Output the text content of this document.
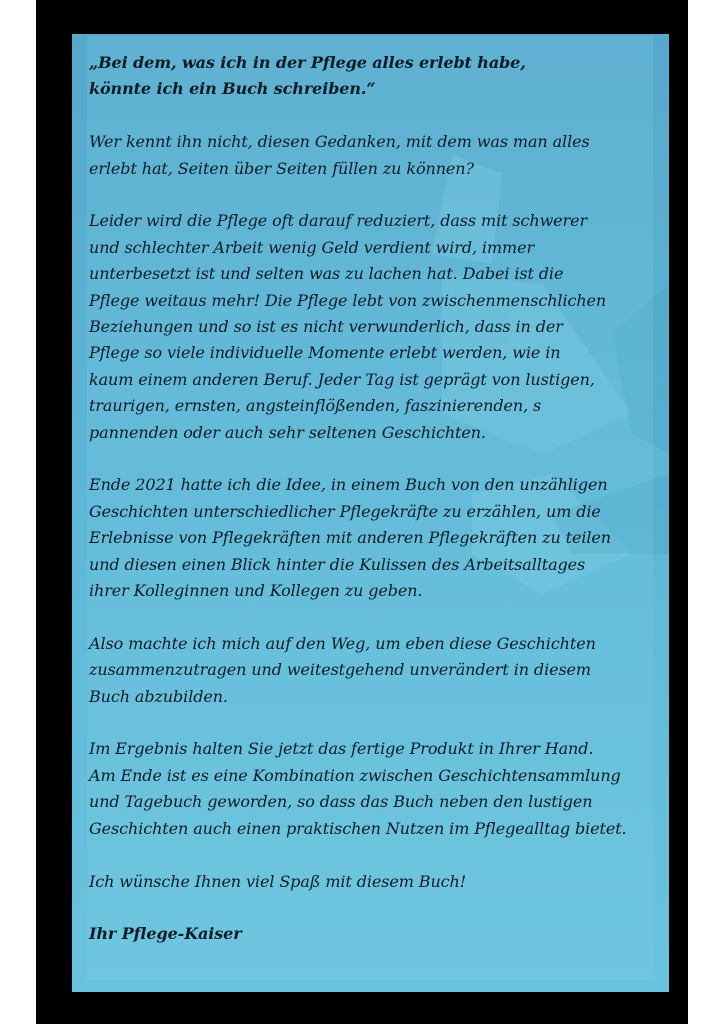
„Bei dem, was ich in der Pflege alles erlebt habe,
könnte ich ein Buch schreiben.“

Wer kennt ihn nicht, diesen Gedanken, mit dem was man alles
erlebt hat, Seiten über Seiten füllen zu können?

Leider wird die Pflege oft darauf reduziert, dass mit schwerer
und schlechter Arbeit wenig Geld verdient wird, immer
unterbesetzt ist und selten was zu lachen hat. Dabei ist die
Pflege weitaus mehr! Die Pflege lebt von zwischenmenschlichen
Beziehungen und so ist es nicht verwunderlich, dass in der
Pflege so viele individuelle Momente erlebt werden, wie in
kaum einem anderen Beruf. Jeder Tag ist geprägt von lustigen,
traurigen, ernsten, angsteinflößenden, faszinierenden, s
pannenden oder auch sehr seltenen Geschichten.

Ende 2021 hatte ich die Idee, in einem Buch von den unzähligen
Geschichten unterschiedlicher Pflegekräfte zu erzählen, um die
Erlebnisse von Pflegekräften mit anderen Pflegekräften zu teilen
und diesen einen Blick hinter die Kulissen des Arbeitsalltages
ihrer Kolleginnen und Kollegen zu geben.

Also machte ich mich auf den Weg, um eben diese Geschichten
zusammenzutragen und weitestgehend unverändert in diesem
Buch abzubilden.

Im Ergebnis halten Sie jetzt das fertige Produkt in Ihrer Hand.
Am Ende ist es eine Kombination zwischen Geschichtensammlung
und Tagebuch geworden, so dass das Buch neben den lustigen
Geschichten auch einen praktischen Nutzen im Pflegealltag bietet.

Ich wünsche Ihnen viel Spaß mit diesem Buch!

Ihr Pflege-Kaiser
